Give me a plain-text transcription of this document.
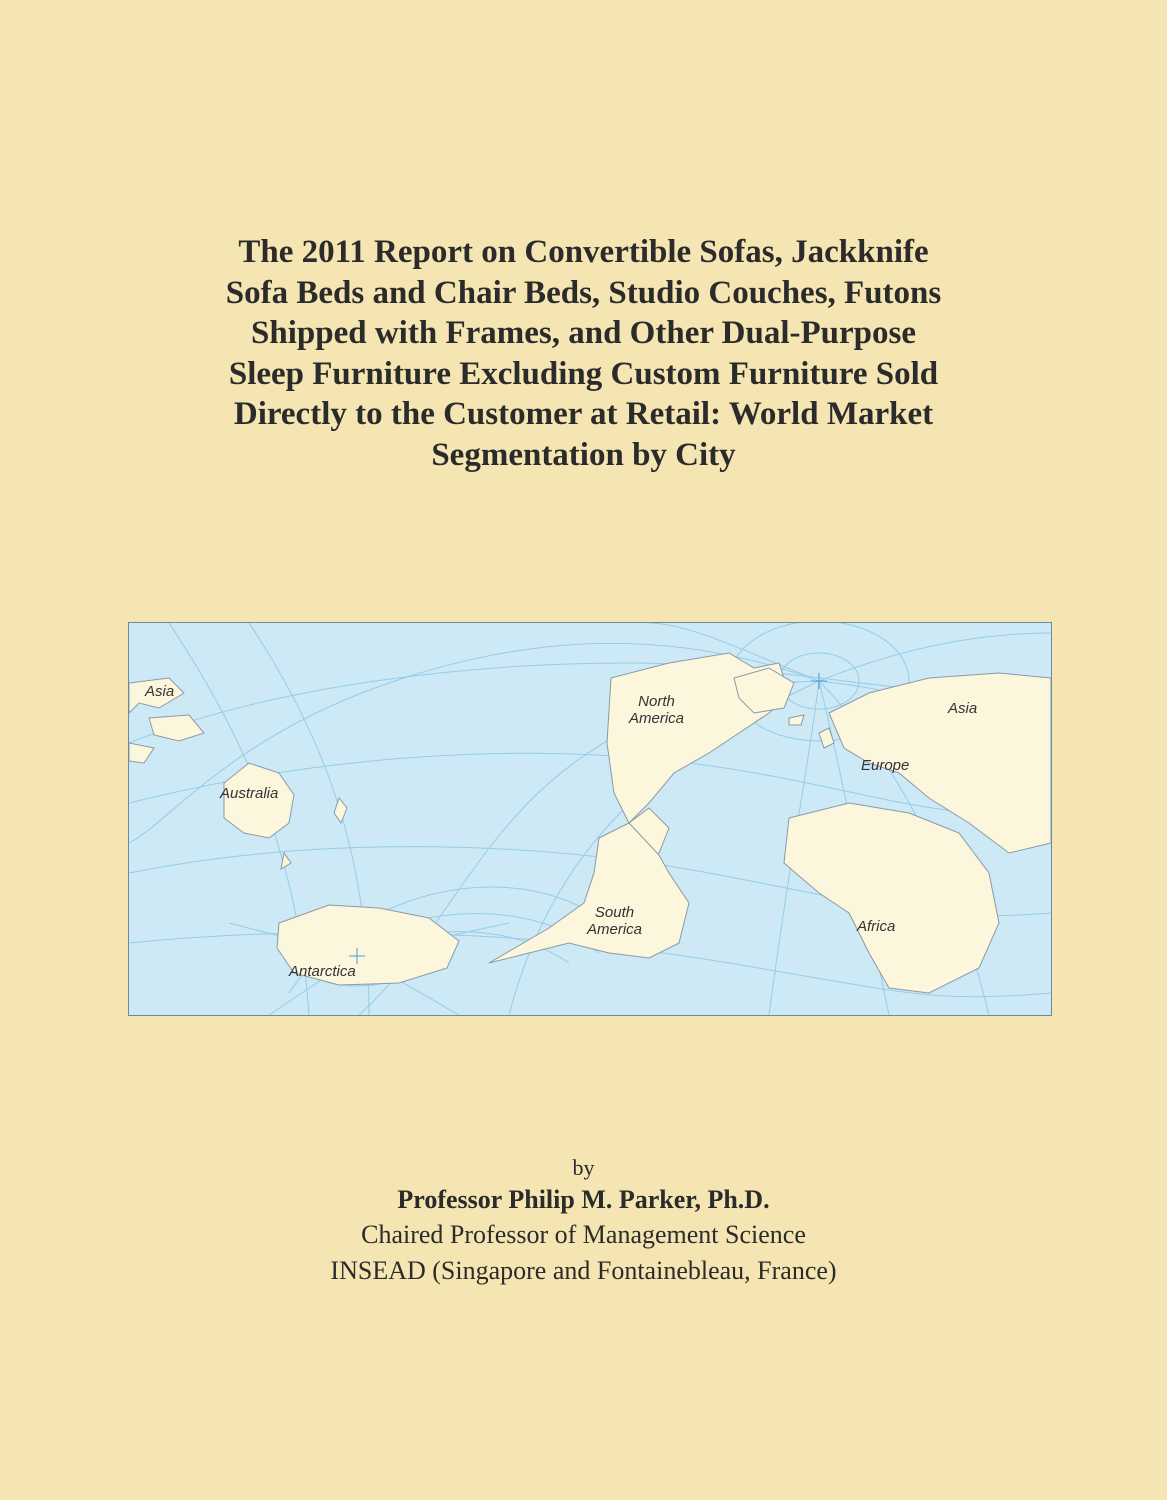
The 2011 Report on Convertible Sofas, Jackknife
Sofa Beds and Chair Beds, Studio Couches, Futons
Shipped with Frames, and Other Dual-Purpose
Sleep Furniture Excluding Custom Furniture Sold
Directly to the Customer at Retail: World Market
Segmentation by City
Asia
Australia
Antarctica
North
America
South
America
Asia
Europe
Africa
by
Professor Philip M. Parker, Ph.D.
Chaired Professor of Management Science
INSEAD (Singapore and Fontainebleau, France)
